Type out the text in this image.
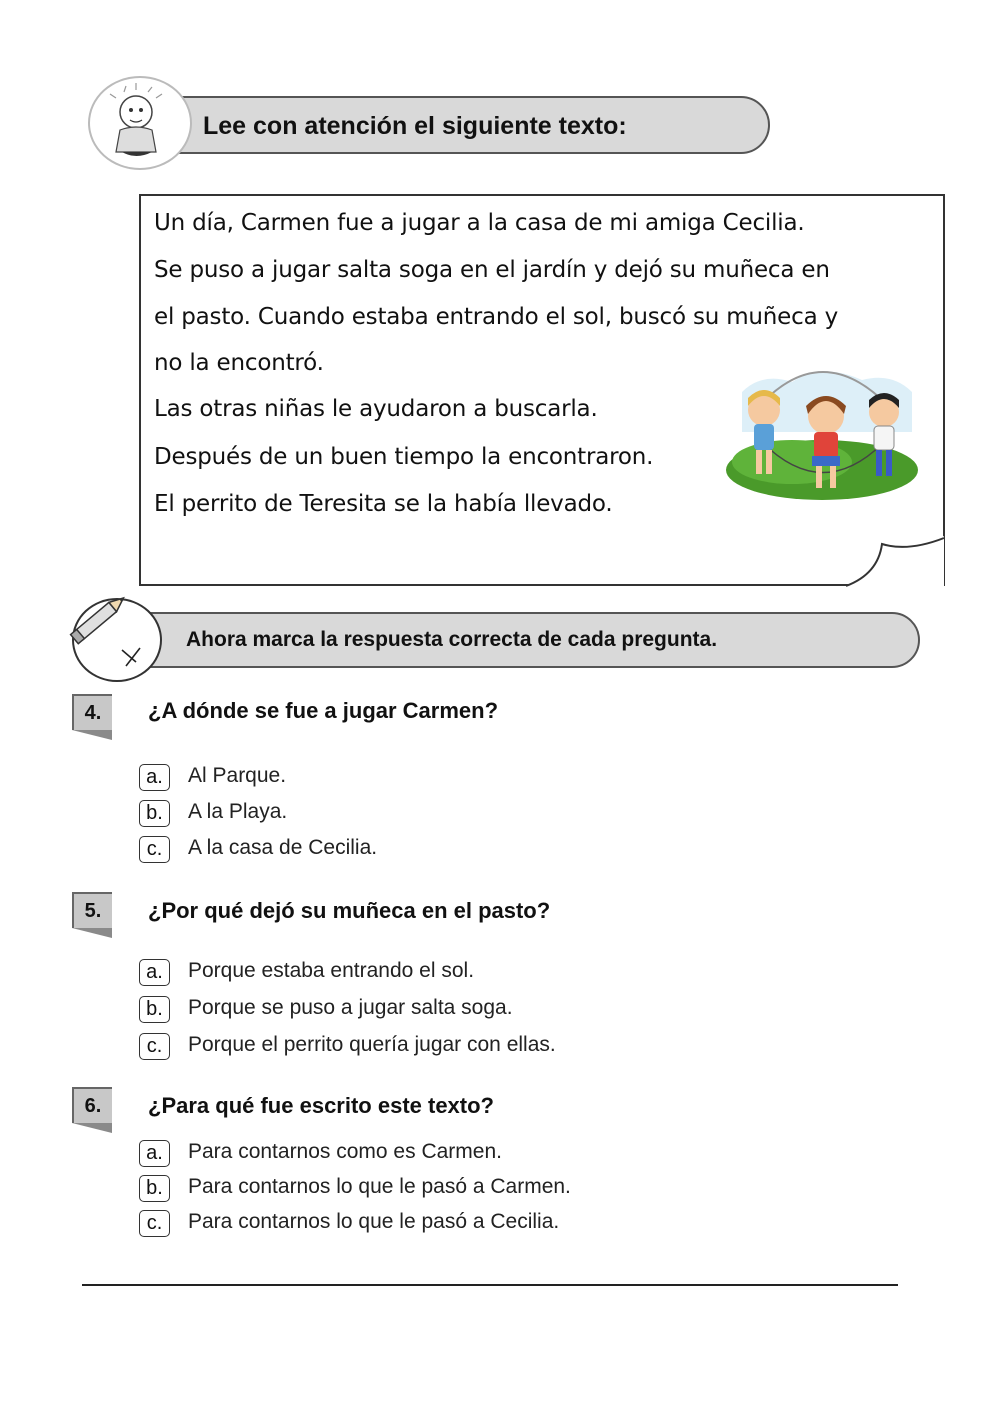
Lee con atención el siguiente texto:
Un día, Carmen fue a jugar a la casa de mi amiga Cecilia.
Se puso a jugar salta soga en el jardín y dejó su muñeca en
el pasto. Cuando estaba entrando el sol, buscó su muñeca y
no la encontró.
Las otras niñas le ayudaron a buscarla.
Después de un buen tiempo la encontraron.
El perrito de Teresita se la había llevado.
Ahora marca la respuesta correcta de cada pregunta.
4.	¿A dónde se fue a jugar Carmen?
a.	Al Parque.
b.	A la Playa.
c.	A la casa de Cecilia.
5.	¿Por qué dejó su muñeca en el pasto?
a.	Porque estaba entrando el sol.
b.	Porque se puso a jugar salta soga.
c.	Porque el perrito quería jugar con ellas.
6.	¿Para qué fue escrito este texto?
a.	Para contarnos como es Carmen.
b.	Para contarnos lo que le pasó a Carmen.
c.	Para contarnos lo que le pasó a Cecilia.
